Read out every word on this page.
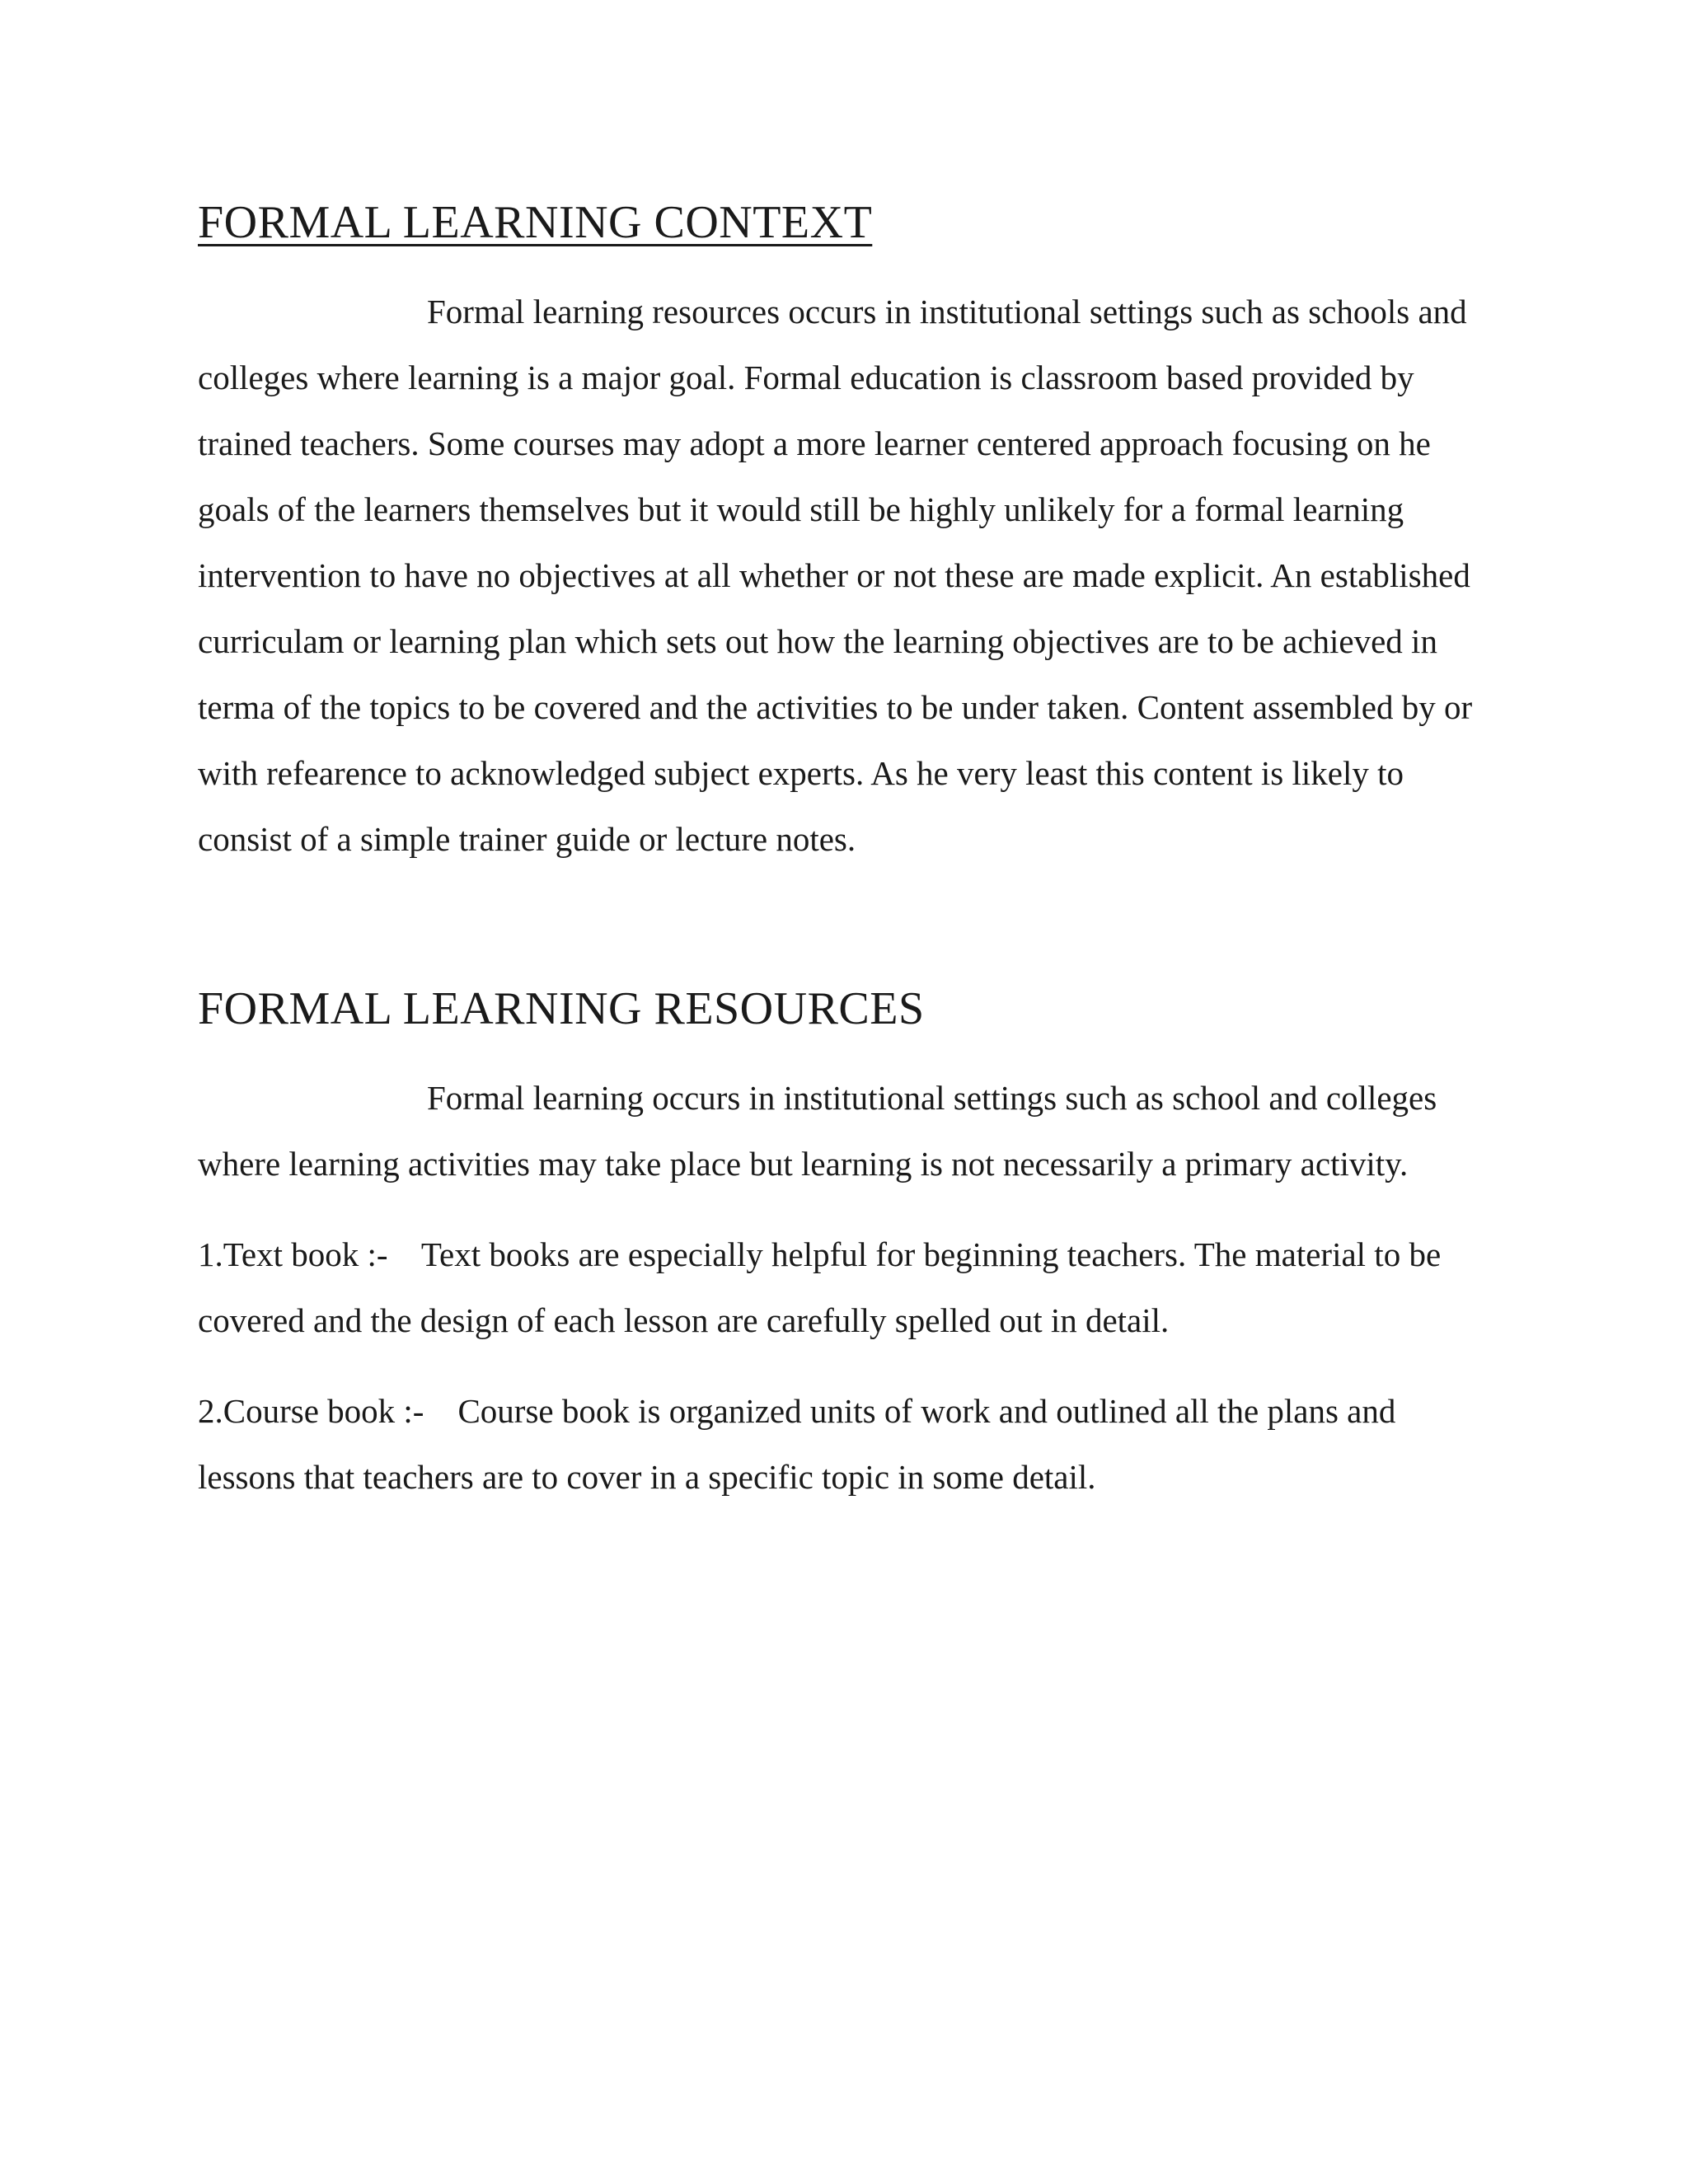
FORMAL LEARNING CONTEXT

Formal learning resources occurs in institutional settings such as schools and colleges where learning is a major goal. Formal education is classroom based provided by trained teachers. Some courses may adopt a more learner centered approach focusing on he goals of the learners themselves but it would still be highly unlikely for a formal learning intervention to have no objectives at all whether or not these are made explicit. An established curriculam or learning plan which sets out how the learning objectives are to be achieved in terma of the topics to be covered and the activities to be under taken. Content assembled by or with refearence to acknowledged subject experts. As he very least this content is likely to consist of a simple trainer guide or lecture notes.

FORMAL LEARNING RESOURCES

Formal learning occurs in institutional settings such as school and colleges where learning activities may take place but learning is not necessarily a primary activity.

1.Text book :- Text books are especially helpful for beginning teachers. The material to be covered and the design of each lesson are carefully spelled out in detail.

2.Course book :- Course book is organized units of work and outlined all the plans and lessons that teachers are to cover in a specific topic in some detail.
